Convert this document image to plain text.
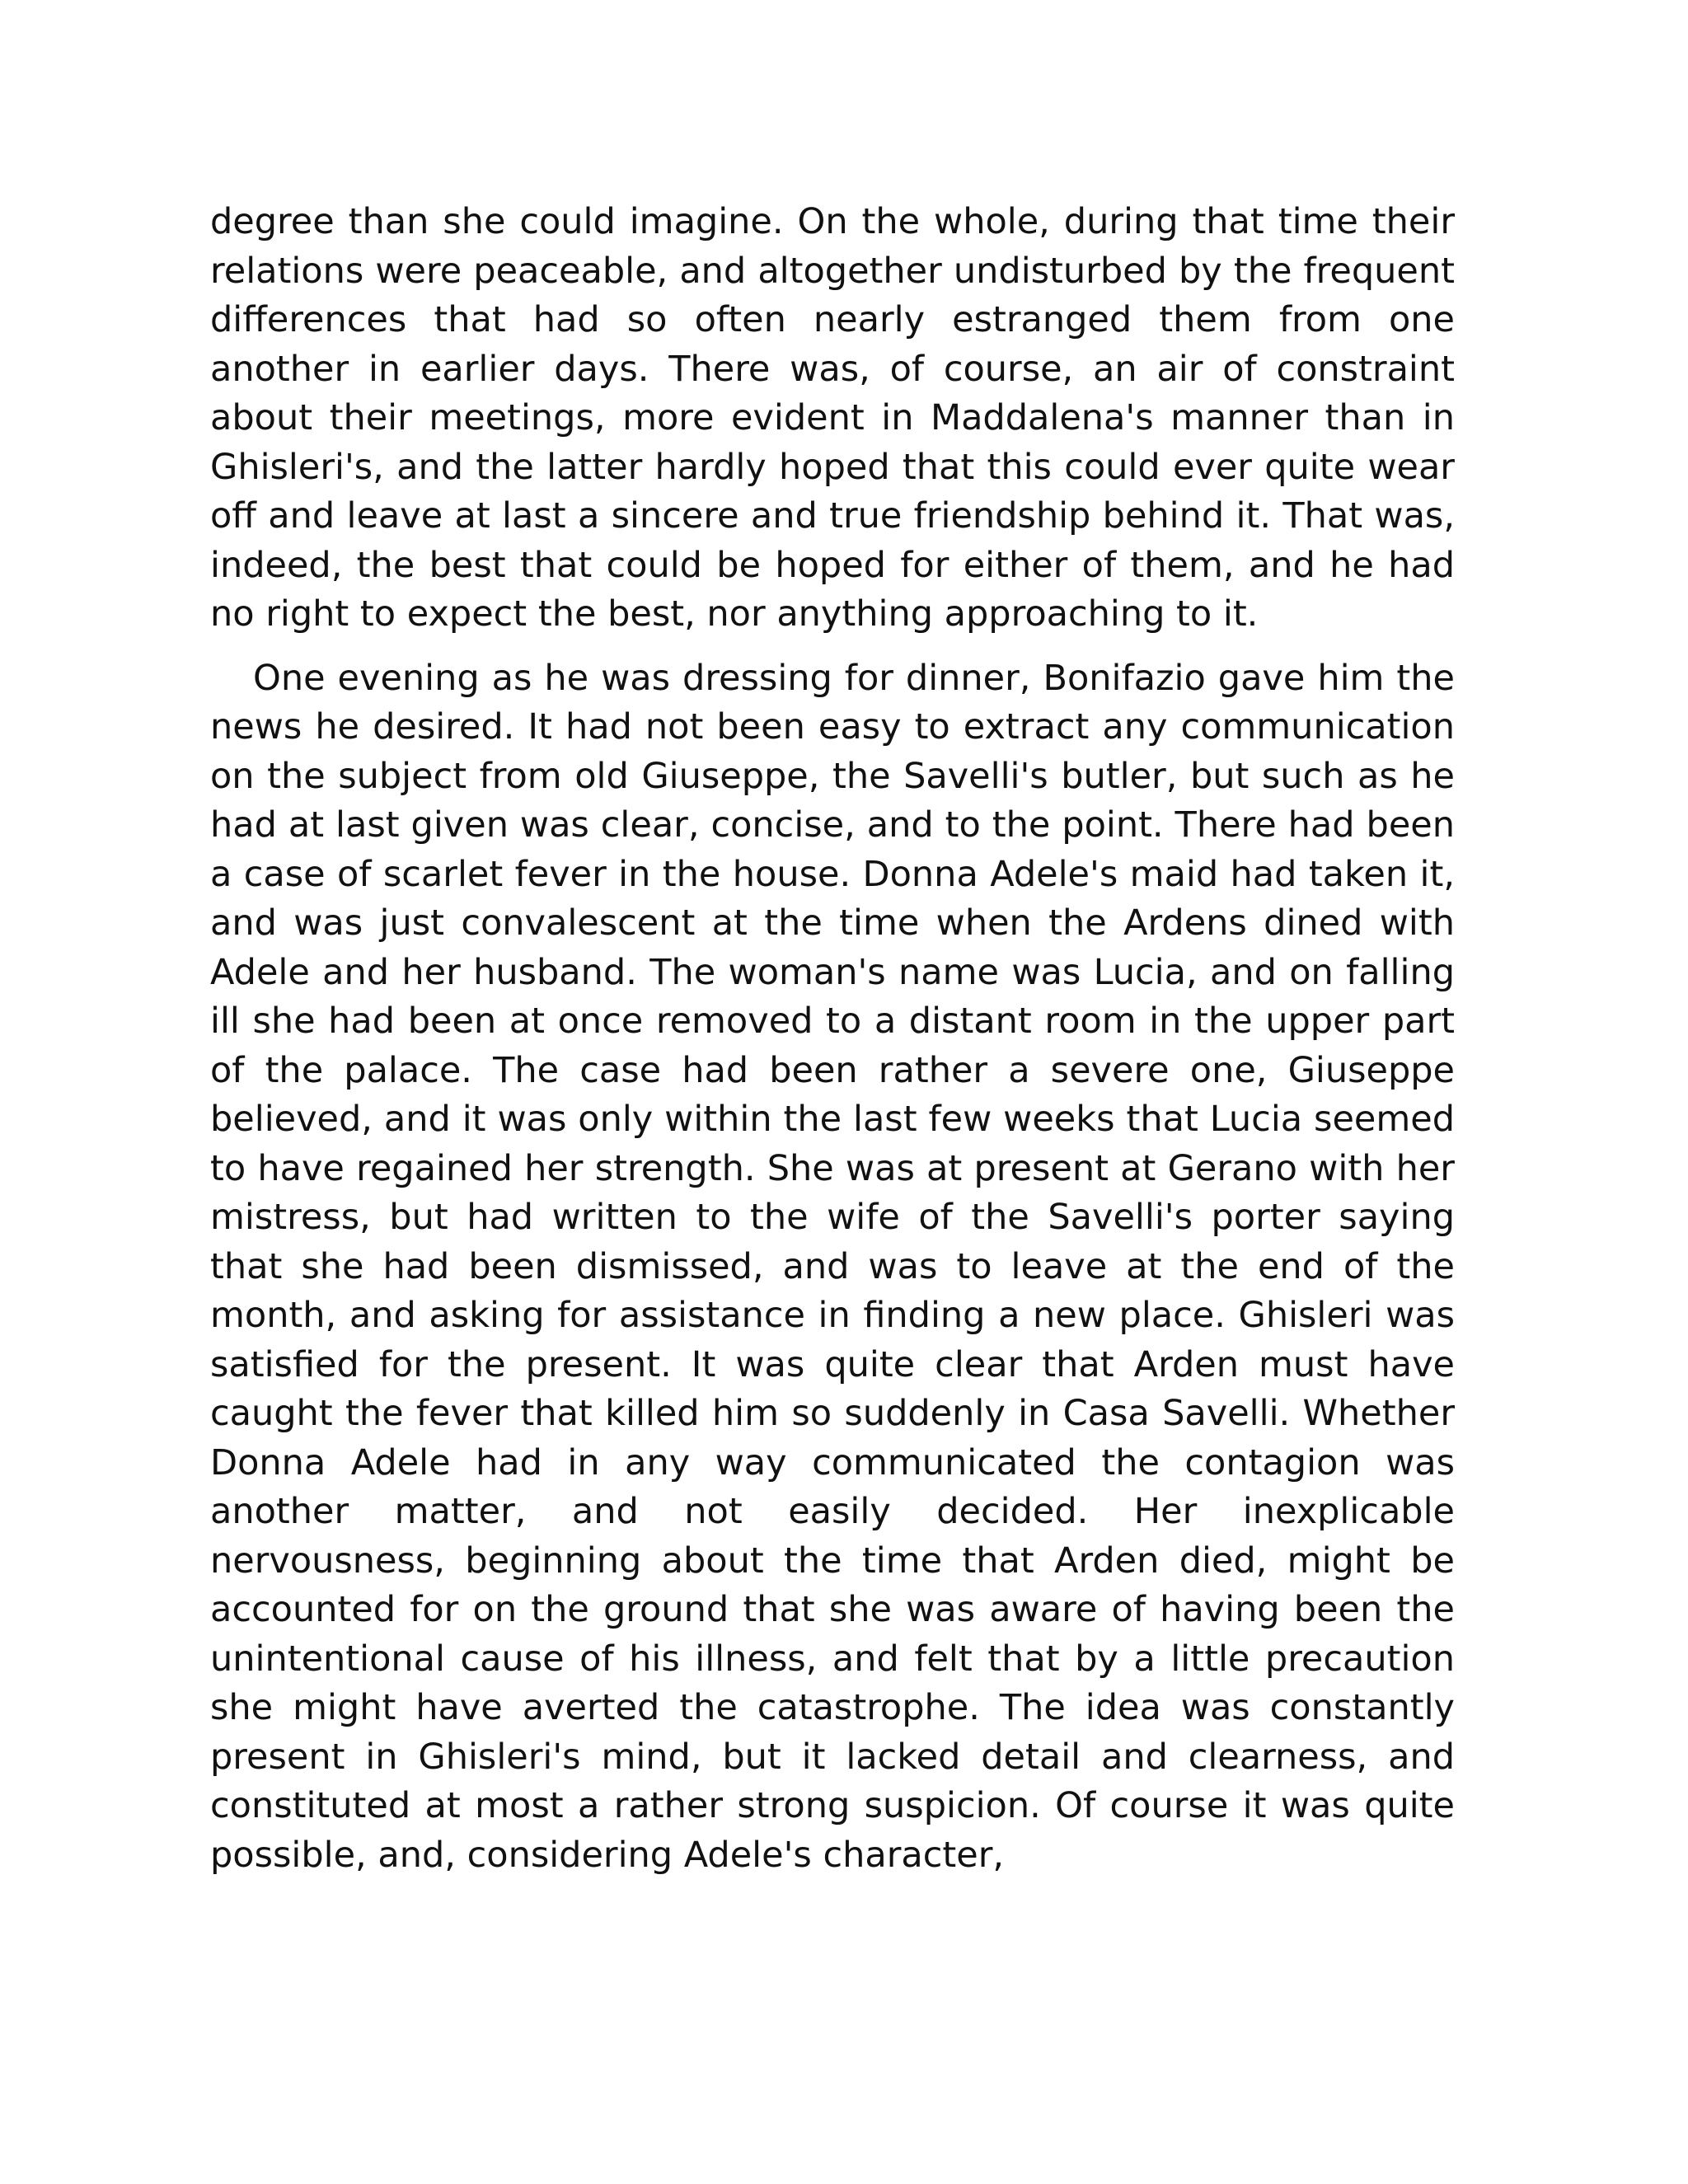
degree than she could imagine. On the whole, during that time their relations were peaceable, and altogether undisturbed by the frequent differences that had so often nearly estranged them from one another in earlier days. There was, of course, an air of constraint about their meetings, more evident in Maddalena's manner than in Ghisleri's, and the latter hardly hoped that this could ever quite wear off and leave at last a sincere and true friendship behind it. That was, indeed, the best that could be hoped for either of them, and he had no right to expect the best, nor anything approaching to it.

One evening as he was dressing for dinner, Bonifazio gave him the news he desired. It had not been easy to extract any communication on the subject from old Giuseppe, the Savelli's butler, but such as he had at last given was clear, concise, and to the point. There had been a case of scarlet fever in the house. Donna Adele's maid had taken it, and was just convalescent at the time when the Ardens dined with Adele and her husband. The woman's name was Lucia, and on falling ill she had been at once removed to a distant room in the upper part of the palace. The case had been rather a severe one, Giuseppe believed, and it was only within the last few weeks that Lucia seemed to have regained her strength. She was at present at Gerano with her mistress, but had written to the wife of the Savelli's porter saying that she had been dismissed, and was to leave at the end of the month, and asking for assistance in finding a new place. Ghisleri was satisfied for the present. It was quite clear that Arden must have caught the fever that killed him so suddenly in Casa Savelli. Whether Donna Adele had in any way communicated the contagion was another matter, and not easily decided. Her inexplicable nervousness, beginning about the time that Arden died, might be accounted for on the ground that she was aware of having been the unintentional cause of his illness, and felt that by a little precaution she might have averted the catastrophe. The idea was constantly present in Ghisleri's mind, but it lacked detail and clearness, and constituted at most a rather strong suspicion. Of course it was quite possible, and, considering Adele's character,
